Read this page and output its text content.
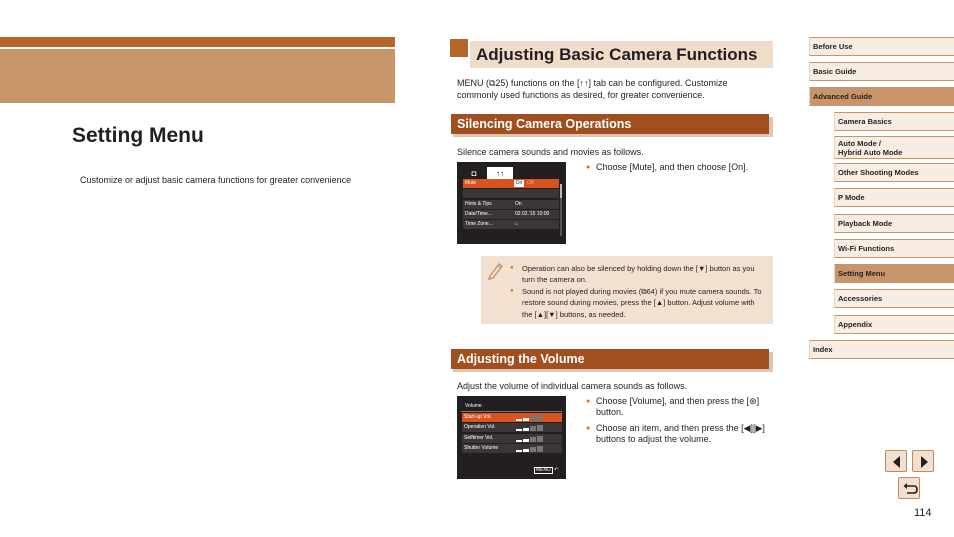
Setting Menu
Customize or adjust basic camera functions for greater convenience
Adjusting Basic Camera Functions
MENU (⧉25) functions on the [↑↑] tab can be configured. Customize
commonly used functions as desired, for greater convenience.
Silencing Camera Operations
Silence camera sounds and movies as follows.
◘	↑↑
Mute	On Off
Hints & Tips	On
Date/Time...	02.02.'15 10:00
Time Zone...	⌂
● Choose [Mute], and then choose [On].
● Operation can also be silenced by holding down the [▼] button as you turn the camera on.
● Sound is not played during movies (⧉64) if you mute camera sounds. To restore sound during movies, press the [▲] button. Adjust volume with the [▲][▼] buttons, as needed.
Adjusting the Volume
Adjust the volume of individual camera sounds as follows.
Volume
Start-up Vol.
Operation Vol.
Selftimer Vol.
Shutter Volume
MENU ↶
● Choose [Volume], and then press the [⊛] button.
● Choose an item, and then press the [◀][▶] buttons to adjust the volume.
Before Use
Basic Guide
Advanced Guide
Camera Basics
Auto Mode /
Hybrid Auto Mode
Other Shooting Modes
P Mode
Playback Mode
Wi-Fi Functions
Setting Menu
Accessories
Appendix
Index
114
